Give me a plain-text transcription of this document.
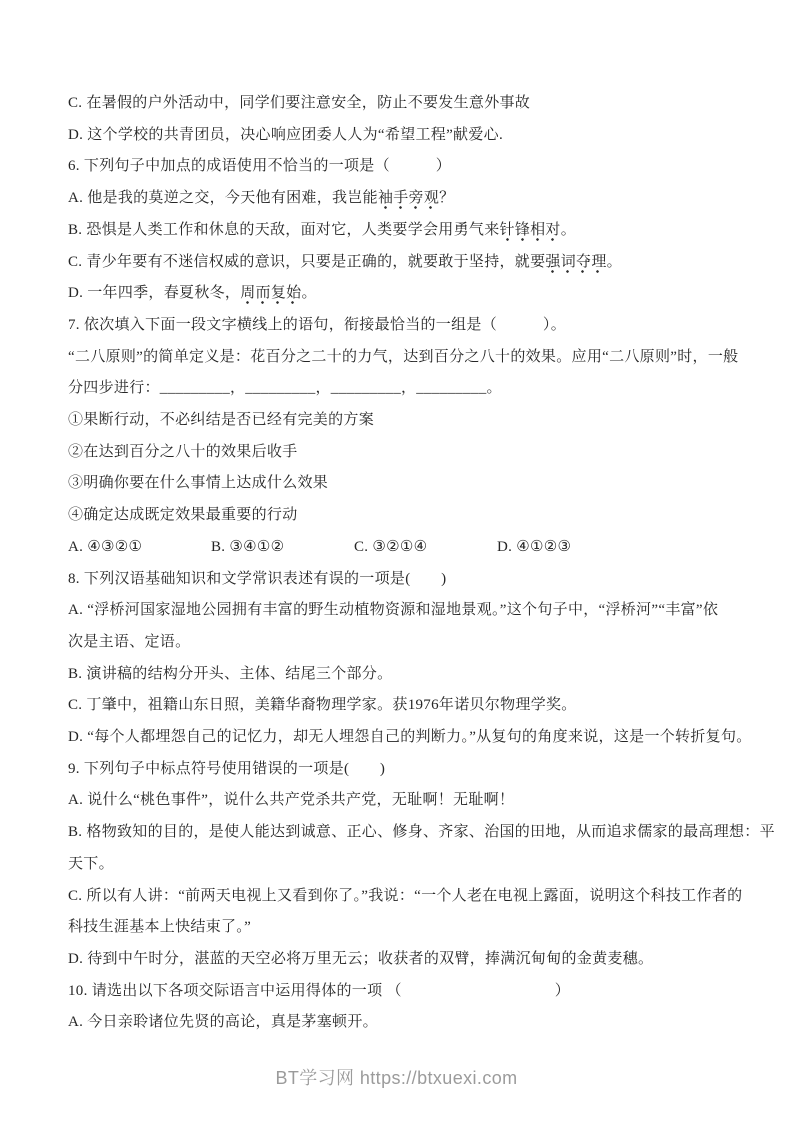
C. 在暑假的户外活动中，同学们要注意安全，防止不要发生意外事故

D. 这个学校的共青团员，决心响应团委人人为“希望工程”献爱心.

6. 下列句子中加点的成语使用不恰当的一项是（　　　）

A. 他是我的莫逆之交，今天他有困难，我岂能袖手旁观？

B. 恐惧是人类工作和休息的天敌，面对它，人类要学会用勇气来针锋相对。

C. 青少年要有不迷信权威的意识，只要是正确的，就要敢于坚持，就要强词夺理。

D. 一年四季，春夏秋冬，周而复始。

7. 依次填入下面一段文字横线上的语句，衔接最恰当的一组是（　　　）。

“二八原则”的简单定义是：花百分之二十的力气，达到百分之八十的效果。应用“二八原则”时，一般

分四步进行：_________，_________，_________，_________。

①果断行动，不必纠结是否已经有完美的方案

②在达到百分之八十的效果后收手

③明确你要在什么事情上达成什么效果

④确定达成既定效果最重要的行动

A. ④③②①	B. ③④①②	C. ③②①④	D. ④①②③

8. 下列汉语基础知识和文学常识表述有误的一项是(　　)

A. “浮桥河国家湿地公园拥有丰富的野生动植物资源和湿地景观。”这个句子中，“浮桥河”“丰富”依

次是主语、定语。

B. 演讲稿的结构分开头、主体、结尾三个部分。

C. 丁肇中，祖籍山东日照，美籍华裔物理学家。获1976年诺贝尔物理学奖。

D. “每个人都埋怨自己的记忆力，却无人埋怨自己的判断力。”从复句的角度来说，这是一个转折复句。

9. 下列句子中标点符号使用错误的一项是(　　)

A. 说什么“桃色事件”，说什么共产党杀共产党，无耻啊！无耻啊！

B. 格物致知的目的，是使人能达到诚意、正心、修身、齐家、治国的田地，从而追求儒家的最高理想：平

天下。

C. 所以有人讲：“前两天电视上又看到你了。”我说：“一个人老在电视上露面，说明这个科技工作者的

科技生涯基本上快结束了。”

D. 待到中午时分，湛蓝的天空必将万里无云；收获者的双臂，捧满沉甸甸的金黄麦穗。

10. 请选出以下各项交际语言中运用得体的一项 （　　　　　　　　　　）

A. 今日亲聆诸位先贤的高论，真是茅塞顿开。

BT学习网 https://btxuexi.com
